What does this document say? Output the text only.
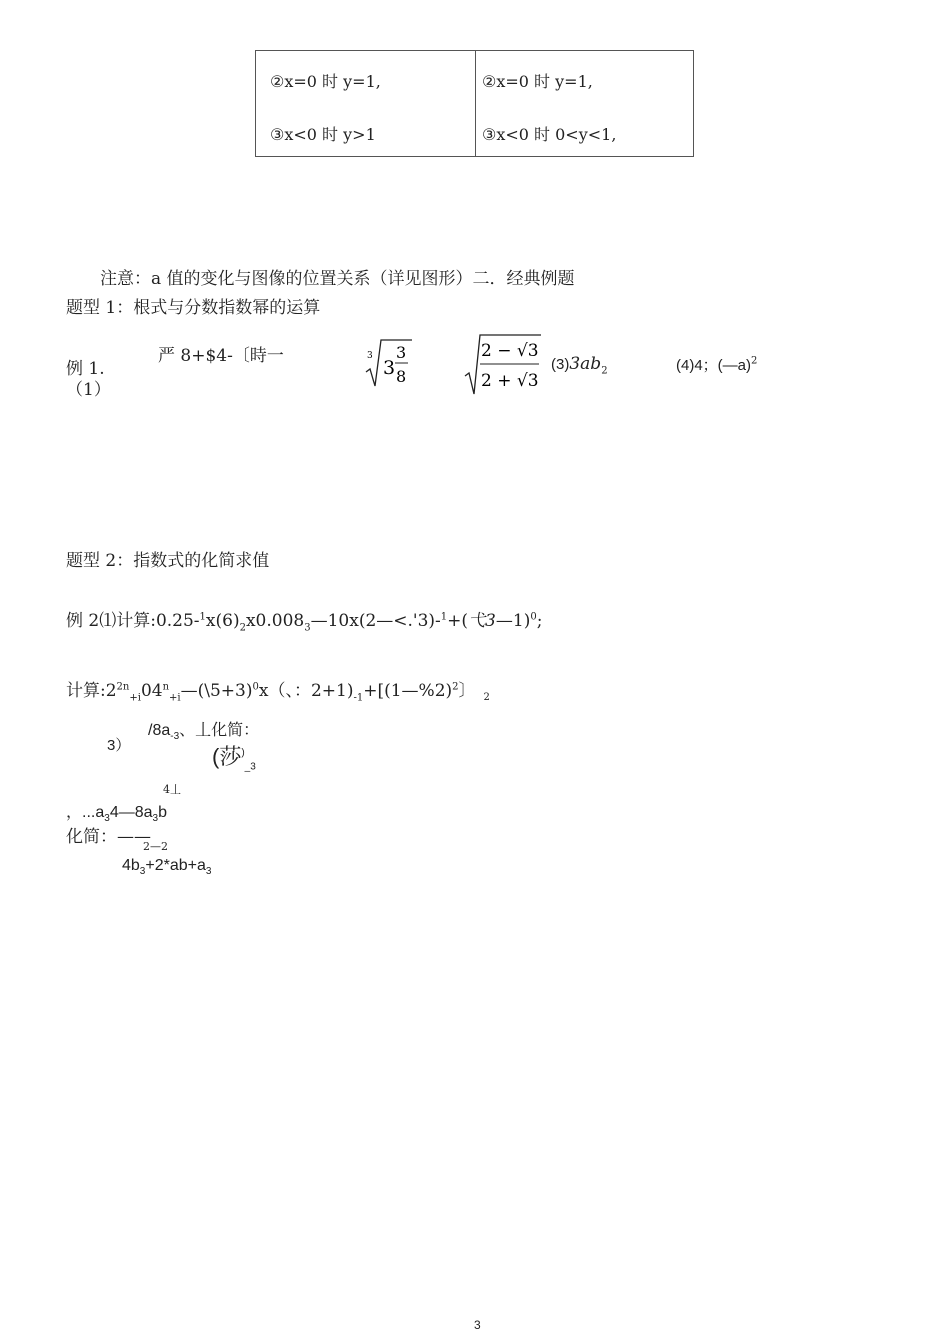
②x=0 时 y=1,
③x<0 时 y>1
②x=0 时 y=1,
③x<0 时 0<y<1,
注意：a 值的变化与图像的位置关系（详见图形）二．经典例题
题型 1：根式与分数指数幂的运算
例 1.
（1）
严 8+$4-〔時一	3
3
3
8
2 − √3
2 + √3
$(3)3ab_2$	(4)4；(—a)$^2$
题型 2：指数式的化简求值
例 2⑴计算$:0.25-^1x(6)_2x0.008_3—10x(2—<.'3)-^1+$(弋3—1)$^0$;
计算$:2^{2n}_{+i}04^n_{+i}—(\backslash 5+3)^0x$（、：$2+1)_{-1}+[(1—\%2)^2$〕 $_2$
3）
$/8a_{-3}$、丄化简：
(莎)$_{\_3}$
4丄
，$...a_34—8a_3b$
化简：——
2—2
$4b_3+2*ab+a_3$
3
